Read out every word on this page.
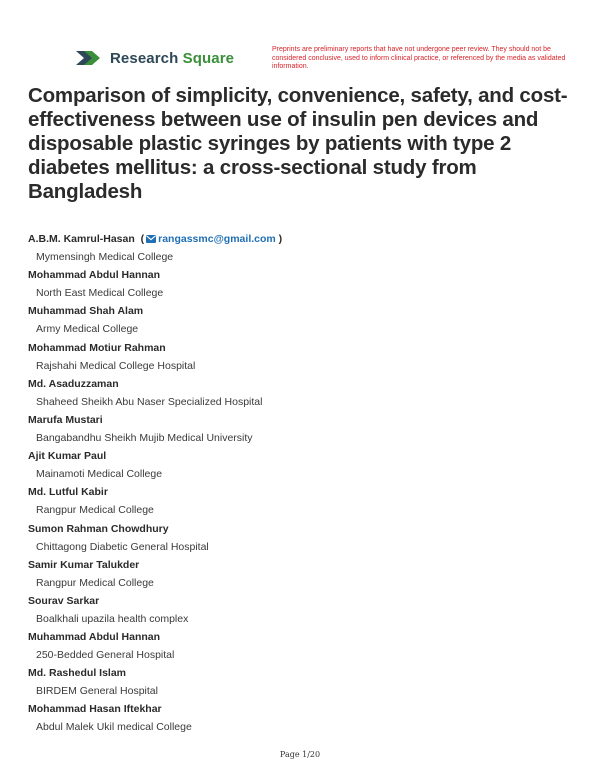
Research Square	Preprints are preliminary reports that have not undergone peer review. They should not be considered conclusive, used to inform clinical practice, or referenced by the media as validated information.
Comparison of simplicity, convenience, safety, and cost-effectiveness between use of insulin pen devices and disposable plastic syringes by patients with type 2 diabetes mellitus: a cross-sectional study from Bangladesh
A.B.M. Kamrul-Hasan ( rangassmc@gmail.com )
Mymensingh Medical College
Mohammad Abdul Hannan
North East Medical College
Muhammad Shah Alam
Army Medical College
Mohammad Motiur Rahman
Rajshahi Medical College Hospital
Md. Asaduzzaman
Shaheed Sheikh Abu Naser Specialized Hospital
Marufa Mustari
Bangabandhu Sheikh Mujib Medical University
Ajit Kumar Paul
Mainamoti Medical College
Md. Lutful Kabir
Rangpur Medical College
Sumon Rahman Chowdhury
Chittagong Diabetic General Hospital
Samir Kumar Talukder
Rangpur Medical College
Sourav Sarkar
Boalkhali upazila health complex
Muhammad Abdul Hannan
250-Bedded General Hospital
Md. Rashedul Islam
BIRDEM General Hospital
Mohammad Hasan Iftekhar
Abdul Malek Ukil medical College
Page 1/20
